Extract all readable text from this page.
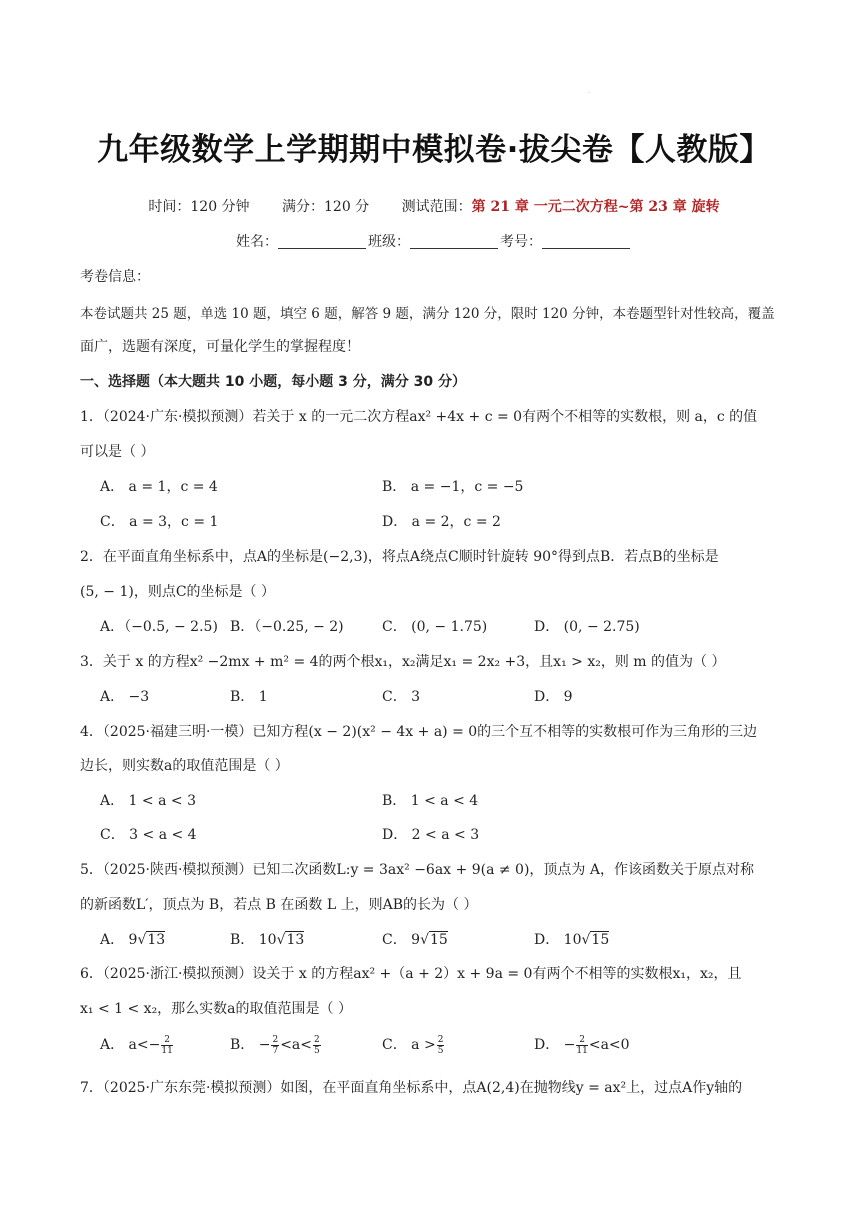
·
九年级数学上学期期中模拟卷·拔尖卷【人教版】
时间：120 分钟 满分：120 分 测试范围：第 21 章 一元二次方程~第 23 章 旋转
姓名：	班级：	考号：
考卷信息：
本卷试题共 25 题，单选 10 题，填空 6 题，解答 9 题，满分 120 分，限时 120 分钟，本卷题型针对性较高，覆盖
面广，选题有深度，可量化学生的掌握程度！
一、选择题（本大题共 10 小题，每小题 3 分，满分 30 分）
1．（2024·广东·模拟预测）若关于 x 的一元二次方程ax² +4x + c = 0有两个不相等的实数根，则 a，c 的值
可以是（ ）
A． a = 1，c = 4	B． a = −1，c = −5
C． a = 3，c = 1	D． a = 2，c = 2
2．在平面直角坐标系中，点A的坐标是(−2,3)，将点A绕点C顺时针旋转 90°得到点B．若点B的坐标是
(5, − 1)，则点C的坐标是（ ）
A．（−0.5, − 2.5) B．（−0.25, − 2)	C． (0, − 1.75)	D． (0, − 2.75)
3．关于 x 的方程x² −2mx + m² = 4的两个根x₁，x₂满足x₁ = 2x₂ +3，且x₁ > x₂，则 m 的值为（ ）
A． −3	B． 1	C． 3	D． 9
4．（2025·福建三明·一模）已知方程(x − 2)(x² − 4x + a) = 0的三个互不相等的实数根可作为三角形的三边
边长，则实数a的取值范围是（ ）
A． 1 < a < 3	B． 1 < a < 4
C． 3 < a < 4	D． 2 < a < 3
5．（2025·陕西·模拟预测）已知二次函数L:y = 3ax² −6ax + 9(a ≠ 0)，顶点为 A，作该函数关于原点对称
的新函数L′，顶点为 B，若点 B 在函数 L 上，则AB的长为（ ）
A． 9√13	B． 10√13	C． 9√15	D． 10√15
6．（2025·浙江·模拟预测）设关于 x 的方程ax² +（a + 2）x + 9a = 0有两个不相等的实数根x₁，x₂，且
x₁ < 1 < x₂，那么实数a的取值范围是（ ）
A． $a<- \frac{2}{11}$	B． − $\frac{2}{7} <a< \frac{2}{5}$	C． $a > \frac{2}{5}$	D． − $\frac{2}{11} <a<0$
7．（2025·广东东莞·模拟预测）如图，在平面直角坐标系中，点A(2,4)在抛物线y = ax²上，过点A作y轴的
